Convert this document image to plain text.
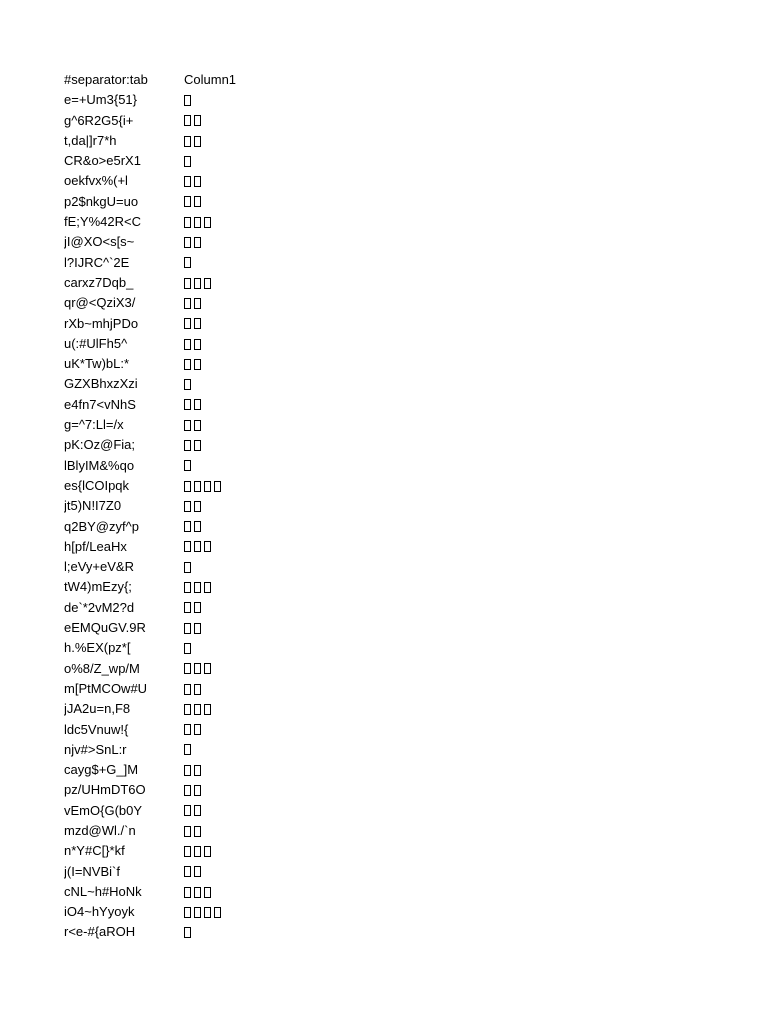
#separator:tab	Column1
e=+Um3{51}
g^6R2G5{i+
t,da|]r7*h
CR&o>e5rX1
oekfvx%(+l
p2$nkgU=uo
fE;Y%42R<C
jI@XO<s[s~
l?IJRC^`2E
carxz7Dqb_
qr@<QziX3/
rXb~mhjPDo
u(:#UlFh5^
uK*Tw)bL:*
GZXBhxzXzi
e4fn7<vNhS
g=^7:Ll=/x
pK:Oz@Fia;
lBlyIM&%qo
es{lCOIpqk
jt5)N!I7Z0
q2BY@zyf^p
h[pf/LeaHx
l;eVy+eV&R
tW4)mEzy{;
de`*2vM2?d
eEMQuGV.9R
h.%EX(pz*[
o%8/Z_wp/M
m[PtMCOw#U
jJA2u=n,F8
ldc5Vnuw!{
njv#>SnL:r
cayg$+G_]M
pz/UHmDT6O
vEmO{G(b0Y
mzd@Wl./`n
n*Y#C[}*kf
j(I=NVBi`f
cNL~h#HoNk
iO4~hYyoyk
r<e-#{aROH
